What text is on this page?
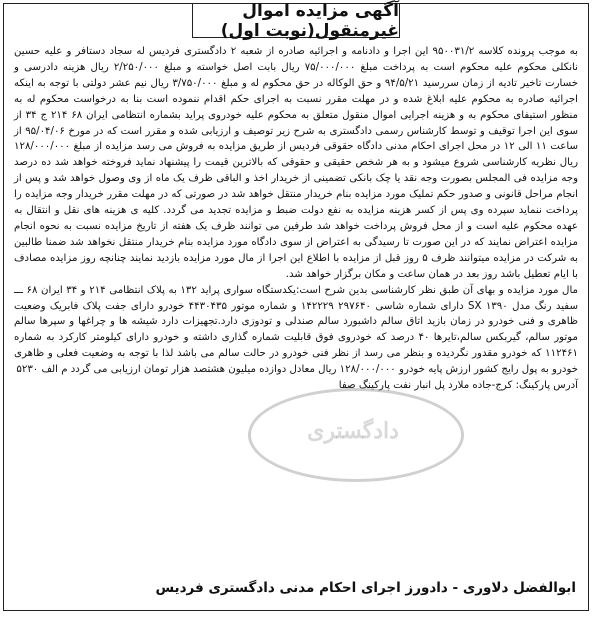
آگهی مزایده اموال غیرمنقول(نوبت اول)

به موجب پرونده کلاسه ۹۵۰۰۳۱/۲ این اجرا و دادنامه و اجرائیه صادره از شعبه ۲ دادگستری فردیس له سجاد دستافر و علیه حسین نانکلی محکوم علیه محکوم است به پرداخت مبلغ ۷۵/۰۰۰/۰۰۰ ریال بابت اصل خواسته و مبلغ ۲/۲۵۰/۰۰۰ ریال هزینه دادرسی و خسارت تاخیر تادیه از زمان سررسید ۹۴/۵/۲۱ و حق الوکاله در حق محکوم له و مبلغ ۳/۷۵۰/۰۰۰ ریال نیم عشر دولتی با توجه به اینکه اجرائیه صادره به محکوم علیه ابلاغ شده و در مهلت مقرر نسبت به اجرای حکم اقدام ننموده است بنا به درخواست محکوم له به منظور استیفای محکوم به و هزینه اجرایی اموال منقول متعلق به محکوم علیه خودروی پراید بشماره انتظامی ایران ۶۸ ۲۱۴ ج ۳۴ از سوی این اجرا توقیف و توسط کارشناس رسمی دادگستری به شرح زیر توصیف و ارزیابی شده و مقرر است که در مورخ ۹۵/۰۴/۰۶ از ساعت ۱۱ الی ۱۲ در محل اجرای احکام مدنی دادگاه حقوقی فردیس از طریق مزایده به فروش می رسد مزایده از مبلغ ۱۲۸/۰۰۰/۰۰۰ ریال نظریه کارشناسی شروع میشود و به هر شخص حقیقی و حقوقی که بالاترین قیمت را پیشنهاد نماید فروخته خواهد شد ده درصد وجه مزایده فی المجلس بصورت وجه نقد یا چک بانکی تضمینی از خریدار اخذ و الباقی ظرف یک ماه از وی وصول خواهد شد و پس از انجام مراحل قانونی و صدور حکم تملیک مورد مزایده بنام خریدار منتقل خواهد شد در صورتی که در مهلت مقرر خریدار وجه مزایده را پرداخت ننماید سپرده وی پس از کسر هزینه مزایده به نفع دولت ضبط و مزایده تجدید می گردد. کلیه ی هزینه های نقل و انتقال به عهده محکوم علیه است و از محل فروش پرداخت خواهد شد طرفین می توانند ظرف یک هفته از تاریخ مزایده نسبت به نحوه انجام مزایده اعتراض نمایند که در این صورت تا رسیدگی به اعتراض از سوی دادگاه مورد مزایده بنام خریدار منتقل نخواهد شد ضمنا طالبین به شرکت در مزایده میتوانند ظرف ۵ روز قبل از مزایده با اطلاع این اجرا از مال مورد مزایده بازدید نمایند چنانچه روز مزایده مصادف با ایام تعطیل باشد روز بعد در همان ساعت و مکان برگزار خواهد شد.

مال مورد مزایده و بهای آن طبق نظر کارشناسی بدین شرح است:یکدستگاه سواری پراید ۱۳۲ به پلاک انتظامی ۲۱۴ و ۳۴ ایران ۶۸ ـــ سفید رنگ مدل ۱۳۹۰ SX دارای شماره شاسی ۲۹۷۶۴۰ ۱۴۲۲۲۹ و شماره موتور ۴۴۳۰۴۳۵ خودرو دارای جفت پلاک فابریک وضعیت ظاهری و فنی خودرو در زمان بازید اتاق سالم داشبورد سالم صندلی و تودوزی دارد.تجهیزات دارد شیشه ها و چراغها و سپرها سالم موتور سالم، گیربکس سالم،تایرها ۴۰ درصد که خودروی فوق قابلیت شماره گذاری داشته و خودرو دارای کیلومتر کارکرد به شماره ۱۱۲۴۶۱ که خودرو مقدور نگردیده و بنظر می رسد از نظر فنی خودرو در حالت سالم می باشد لذا با توجه به وضعیت فعلی و ظاهری خودرو به پول رایج کشور ارزش پایه خودرو ۱۲۸/۰۰۰/۰۰۰ ریال معادل دوازده میلیون هشتصد هزار تومان ارزیابی می گردد م الف ۵۲۳۰

آدرس پارکینگ: کرج-جاده ملارد پل انبار نفت پارکینگ صفا

ابوالفضل دلاوری - دادورز اجرای احکام مدنی دادگستری فردیس
دادگستری
